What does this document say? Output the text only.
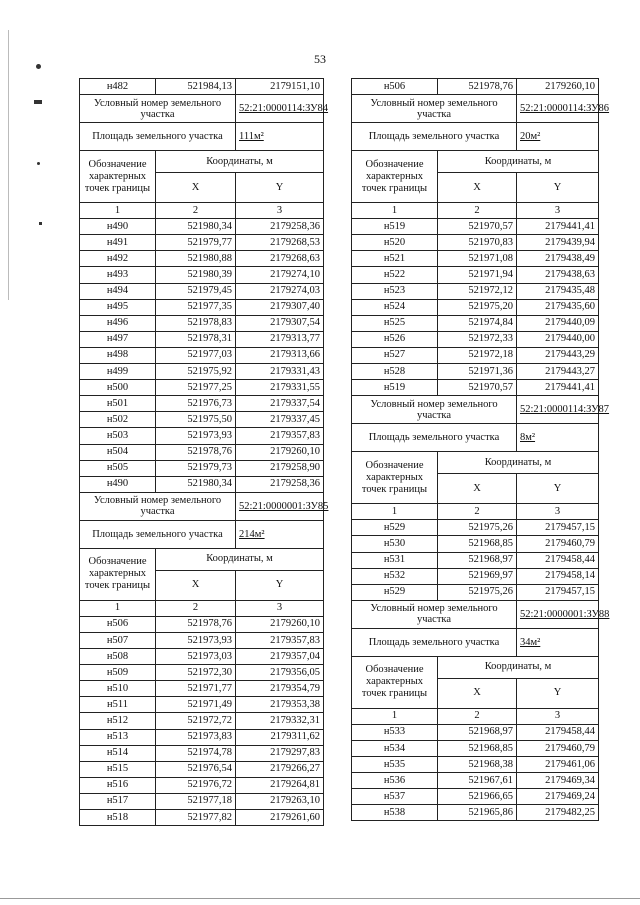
53
н482	521984,13	2179151,10
Условный номер земельного участка		52:21:0000114:ЗУ84
Площадь земельного участка		111м²
Обозначение характерных точек границы	Координаты, м	
	X	Y
1	2	3
н490	521980,34	2179258,36
н491	521979,77	2179268,53
н492	521980,88	2179268,63
н493	521980,39	2179274,10
н494	521979,45	2179274,03
н495	521977,35	2179307,40
н496	521978,83	2179307,54
н497	521978,31	2179313,77
н498	521977,03	2179313,66
н499	521975,92	2179331,43
н500	521977,25	2179331,55
н501	521976,73	2179337,54
н502	521975,50	2179337,45
н503	521973,93	2179357,83
н504	521978,76	2179260,10
н505	521979,73	2179258,90
н490	521980,34	2179258,36
Условный номер земельного участка		52:21:0000001:ЗУ85
Площадь земельного участка		214м²
Обозначение характерных точек границы	Координаты, м	
	X	Y
1	2	3
н506	521978,76	2179260,10
н507	521973,93	2179357,83
н508	521973,03	2179357,04
н509	521972,30	2179356,05
н510	521971,77	2179354,79
н511	521971,49	2179353,38
н512	521972,72	2179332,31
н513	521973,83	2179311,62
н514	521974,78	2179297,83
н515	521976,54	2179266,27
н516	521976,72	2179264,81
н517	521977,18	2179263,10
н518	521977,82	2179261,60
н506	521978,76	2179260,10
Условный номер земельного участка		52:21:0000114:ЗУ86
Площадь земельного участка		20м²
Обозначение характерных точек границы	Координаты, м	
	X	Y
1	2	3
н519	521970,57	2179441,41
н520	521970,83	2179439,94
н521	521971,08	2179438,49
н522	521971,94	2179438,63
н523	521972,12	2179435,48
н524	521975,20	2179435,60
н525	521974,84	2179440,09
н526	521972,33	2179440,00
н527	521972,18	2179443,29
н528	521971,36	2179443,27
н519	521970,57	2179441,41
Условный номер земельного участка		52:21:0000114:ЗУ87
Площадь земельного участка		8м²
Обозначение характерных точек границы	Координаты, м	
	X	Y
1	2	3
н529	521975,26	2179457,15
н530	521968,85	2179460,79
н531	521968,97	2179458,44
н532	521969,97	2179458,14
н529	521975,26	2179457,15
Условный номер земельного участка		52:21:0000001:ЗУ88
Площадь земельного участка		34м²
Обозначение характерных точек границы	Координаты, м	
	X	Y
1	2	3
н533	521968,97	2179458,44
н534	521968,85	2179460,79
н535	521968,38	2179461,06
н536	521967,61	2179469,34
н537	521966,65	2179469,24
н538	521965,86	2179482,25
